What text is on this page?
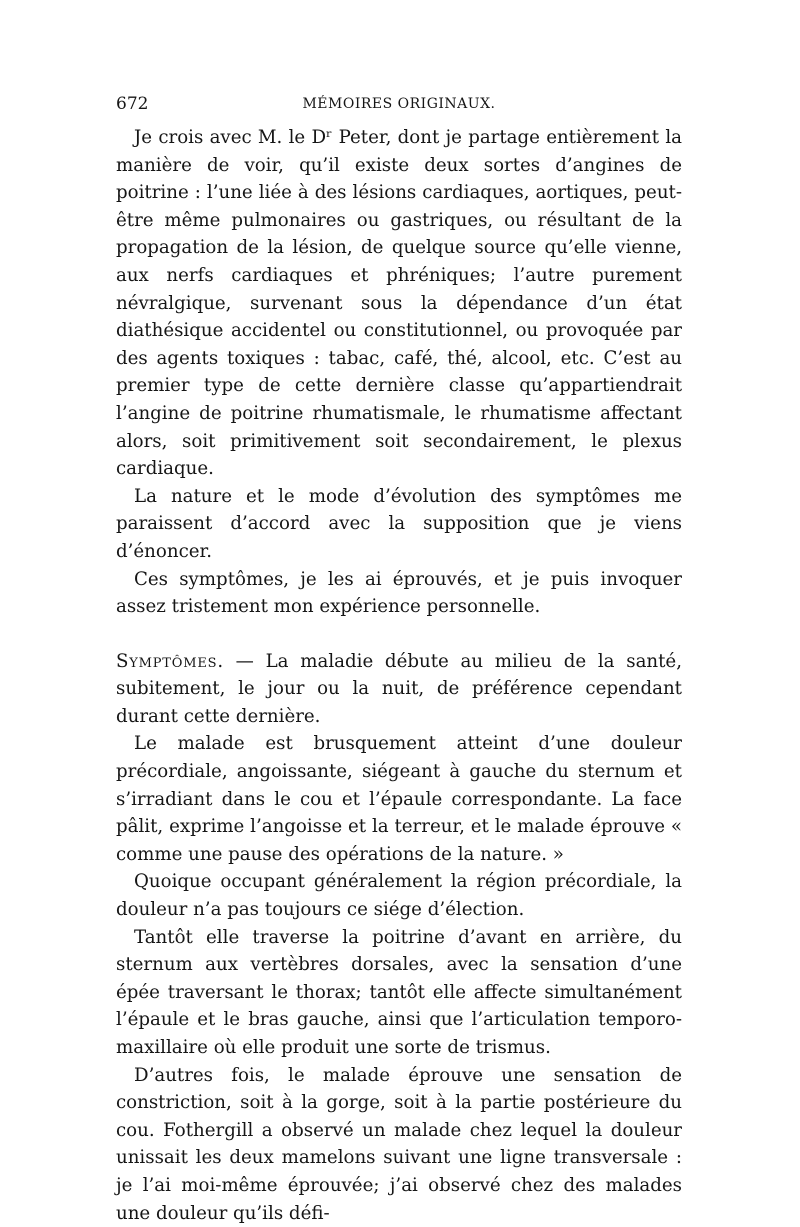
672	MÉMOIRES ORIGINAUX.

Je crois avec M. le Dʳ Peter, dont je partage entièrement la manière de voir, qu’il existe deux sortes d’angines de poitrine : l’une liée à des lésions cardiaques, aortiques, peut-être même pulmonaires ou gastriques, ou résultant de la propagation de la lésion, de quelque source qu’elle vienne, aux nerfs cardiaques et phréniques; l’autre purement névralgique, survenant sous la dépendance d’un état diathésique accidentel ou constitutionnel, ou provoquée par des agents toxiques : tabac, café, thé, alcool, etc. C’est au premier type de cette dernière classe qu’appartiendrait l’angine de poitrine rhumatismale, le rhumatisme affectant alors, soit primitivement soit secondairement, le plexus cardiaque.

La nature et le mode d’évolution des symptômes me paraissent d’accord avec la supposition que je viens d’énoncer.

Ces symptômes, je les ai éprouvés, et je puis invoquer assez tristement mon expérience personnelle.

Symptômes. — La maladie débute au milieu de la santé, subitement, le jour ou la nuit, de préférence cependant durant cette dernière.

Le malade est brusquement atteint d’une douleur précordiale, angoissante, siégeant à gauche du sternum et s’irradiant dans le cou et l’épaule correspondante. La face pâlit, exprime l’angoisse et la terreur, et le malade éprouve « comme une pause des opérations de la nature. »

Quoique occupant généralement la région précordiale, la douleur n’a pas toujours ce siége d’élection.

Tantôt elle traverse la poitrine d’avant en arrière, du sternum aux vertèbres dorsales, avec la sensation d’une épée traversant le thorax; tantôt elle affecte simultanément l’épaule et le bras gauche, ainsi que l’articulation temporo-maxillaire où elle produit une sorte de trismus.

D’autres fois, le malade éprouve une sensation de constriction, soit à la gorge, soit à la partie postérieure du cou. Fothergill a observé un malade chez lequel la douleur unissait les deux mamelons suivant une ligne transversale : je l’ai moi-même éprouvée; j’ai observé chez des malades une douleur qu’ils défi-
